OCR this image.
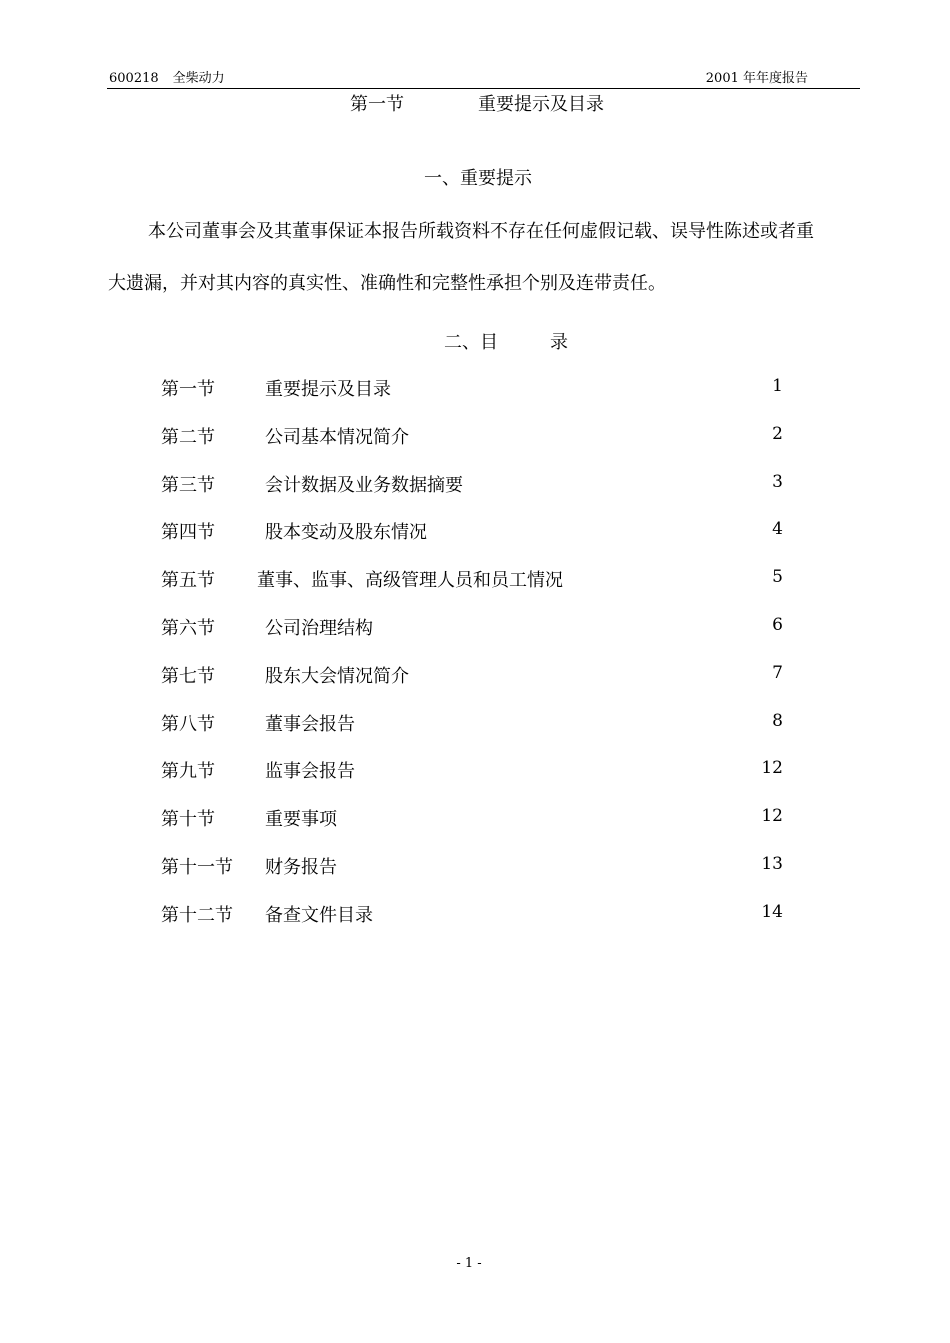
600218 全柴动力	2001 年年度报告
第一节	重要提示及目录
一、重要提示
本公司董事会及其董事保证本报告所载资料不存在任何虚假记载、误导性陈述或者重
大遗漏，并对其内容的真实性、准确性和完整性承担个别及连带责任。
二、目	录
第一节	重要提示及目录	1
第二节	公司基本情况简介	2
第三节	会计数据及业务数据摘要	3
第四节	股本变动及股东情况	4
第五节 董事、监事、高级管理人员和员工情况	5
第六节	公司治理结构	6
第七节	股东大会情况简介	7
第八节	董事会报告	8
第九节	监事会报告	12
第十节	重要事项	12
第十一节 财务报告	13
第十二节 备查文件目录	14
- 1 -
